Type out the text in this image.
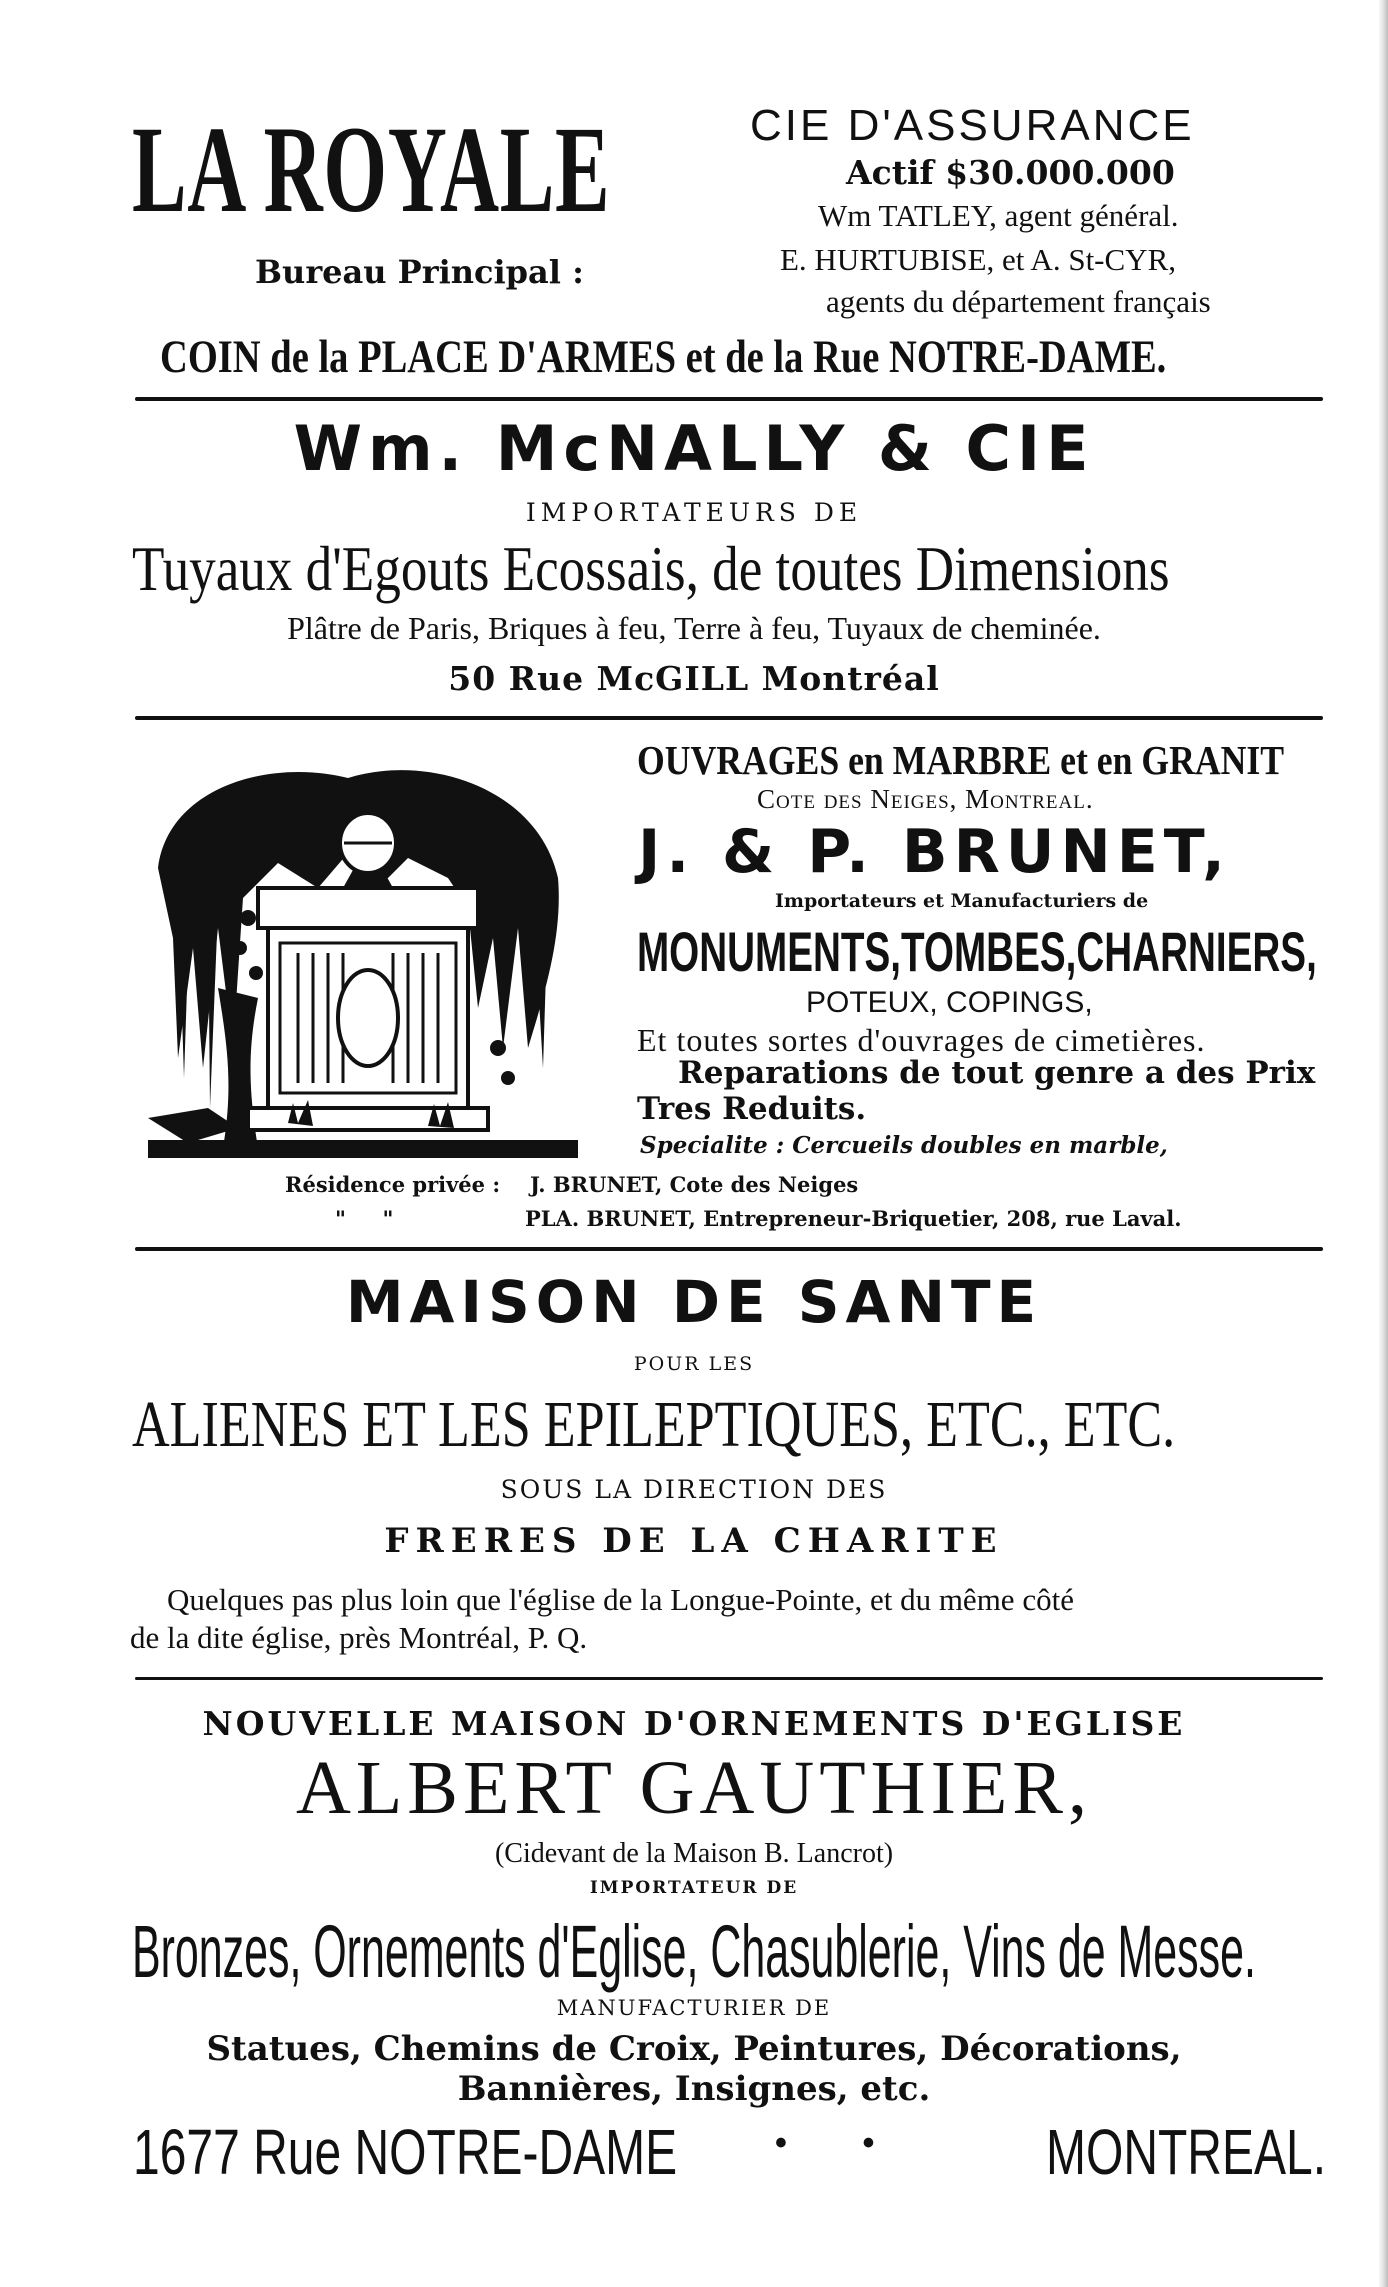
LA ROYALE
Bureau Principal :
CIE D'ASSURANCE
Actif $30.000.000
Wm TATLEY, agent général.
E. HURTUBISE, et A. St-CYR,
agents du département français
COIN de la PLACE D'ARMES et de la Rue NOTRE-DAME.
Wm. McNALLY & CIE
IMPORTATEURS DE
Tuyaux d'Egouts Ecossais, de toutes Dimensions
Plâtre de Paris, Briques à feu, Terre à feu, Tuyaux de cheminée.
50 Rue McGILL Montréal
OUVRAGES en MARBRE et en GRANIT
Cote des Neiges, Montreal.
J. & P. BRUNET,
Importateurs et Manufacturiers de
MONUMENTS,TOMBES,CHARNIERS,
POTEUX, COPINGS,
Et toutes sortes d'ouvrages de cimetières.
Reparations de tout genre a des Prix
Tres Reduits.
Specialite : Cercueils doubles en marble,
Résidence privée : J. BRUNET, Cote des Neiges
"     "	PLA. BRUNET, Entrepreneur-Briquetier, 208, rue Laval.
MAISON DE SANTE
POUR LES
ALIENES ET LES EPILEPTIQUES, ETC., ETC.
SOUS LA DIRECTION DES
FRERES DE LA CHARITE
Quelques pas plus loin que l'église de la Longue-Pointe, et du même côté
de la dite église, près Montréal, P. Q.
NOUVELLE MAISON D'ORNEMENTS D'EGLISE
ALBERT GAUTHIER,
(Cidevant de la Maison B. Lancrot)
IMPORTATEUR DE
Bronzes, Ornements d'Eglise, Chasublerie, Vins de Messe.
MANUFACTURIER DE
Statues, Chemins de Croix, Peintures, Décorations,
Bannières, Insignes, etc.
1677 Rue NOTRE-DAME	•        •	MONTREAL.
